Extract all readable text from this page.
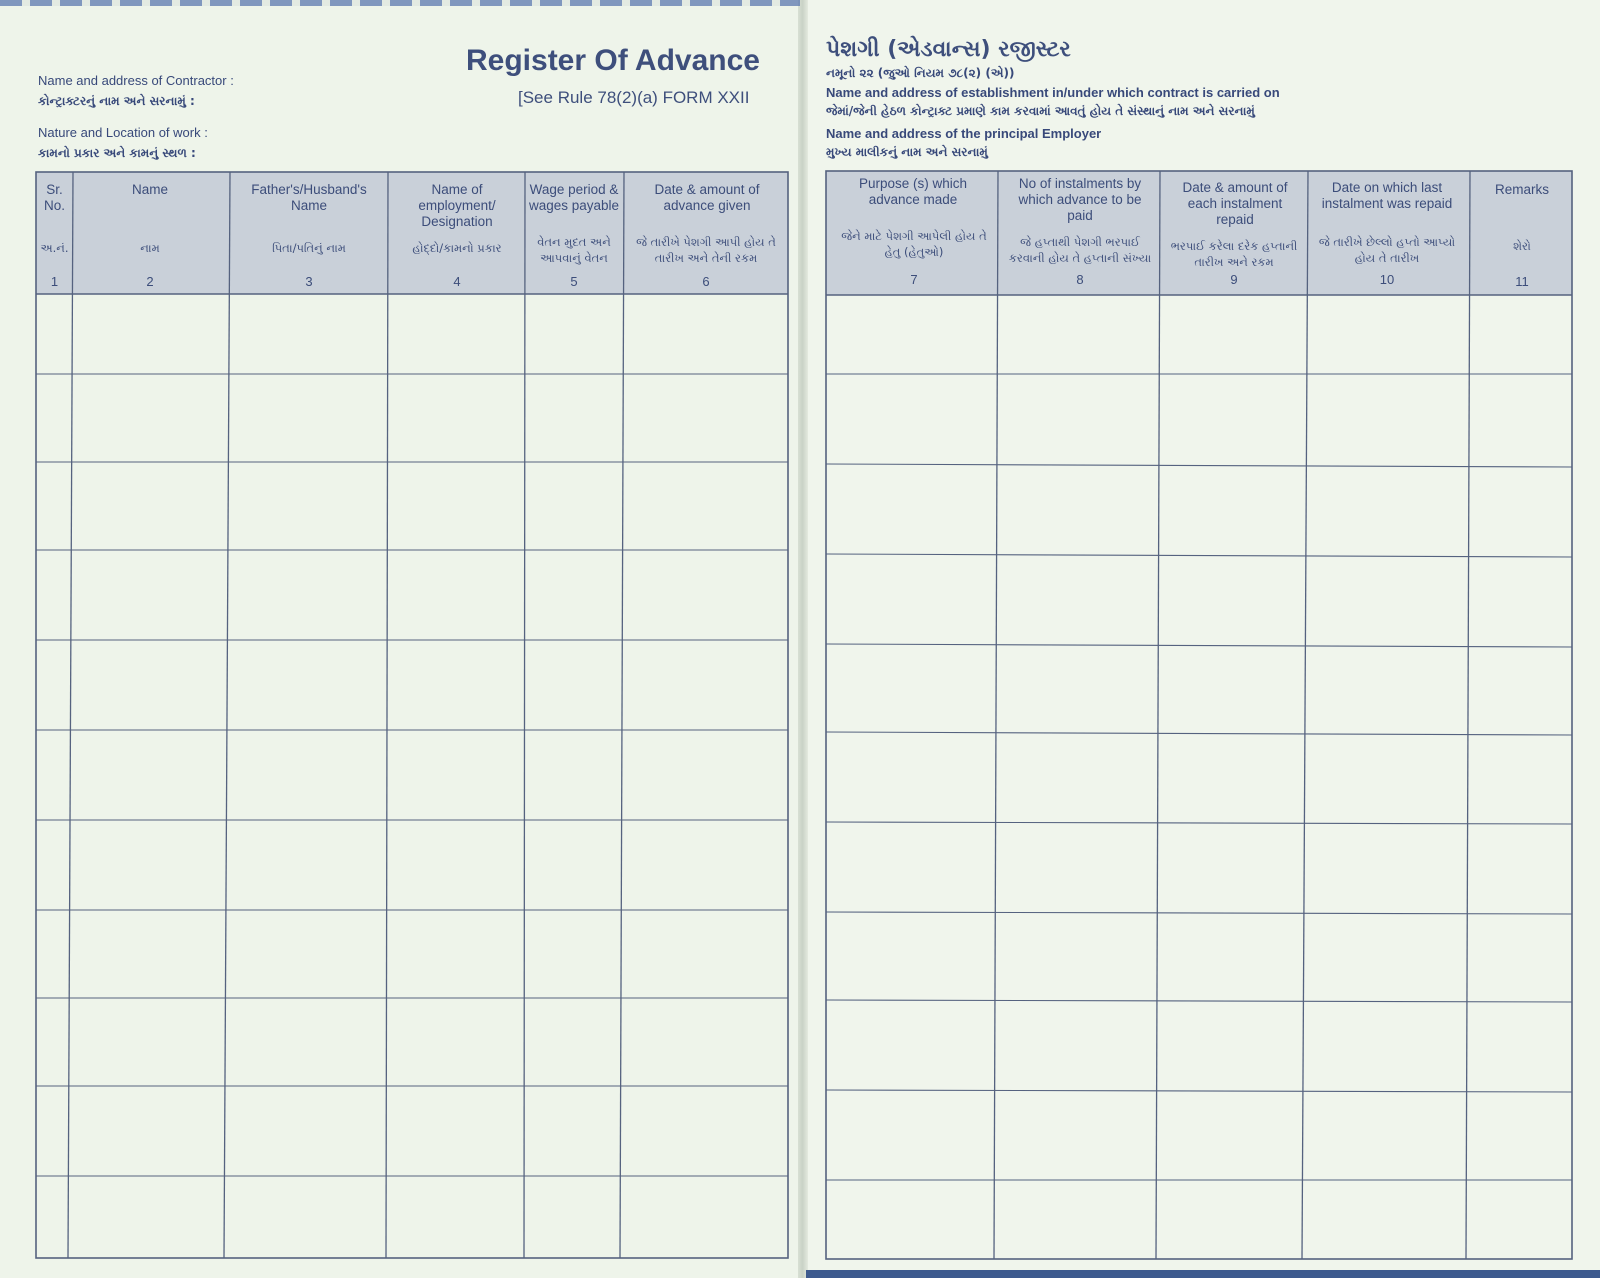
Register Of Advance
[See Rule 78(2)(a) FORM XXII
Name and address of Contractor :
કોન્ટ્રાક્ટરનું નામ અને સરનામું :
Nature and Location of work :
કામનો પ્રકાર અને કામનું સ્થળ :
પેશગી (એડવાન્સ) રજીસ્ટર
નમૂનો ૨૨ (જુઓ નિયમ ૭૮(૨) (એ))
Name and address of establishment in/under which contract is carried on
જેમાં/જેની હેઠળ કોન્ટ્રાક્ટ પ્રમાણે કામ કરવામાં આવતું હોય તે સંસ્થાનું નામ અને સરનામું
Name and address of the principal Employer
મુખ્ય માલીકનું નામ અને સરનામું
Sr. No.
અ.નં.
1
Name
નામ
2
Father's/Husband's Name
પિતા/પતિનું નામ
3
Name of employment/ Designation
હોદ્દો/કામનો પ્રકાર
4
Wage period & wages payable
વેતન મુદત અને આપવાનું વેતન
5
Date & amount of advance given
જે તારીખે પેશગી આપી હોય તે તારીખ અને તેની રકમ
6
Purpose (s) which advance made
જેને માટે પેશગી આપેલી હોય તે હેતુ (હેતુઓ)
7
No of instalments by which advance to be paid
જે હપ્તાથી પેશગી ભરપાઈ કરવાની હોય તે હપ્તાની સંખ્યા
8
Date & amount of each instalment repaid
ભરપાઈ કરેલા દરેક હપ્તાની તારીખ અને રકમ
9
Date on which last instalment was repaid
જે તારીખે છેલ્લો હપ્તો આપ્યો હોય તે તારીખ
10
Remarks
શેરો
11
